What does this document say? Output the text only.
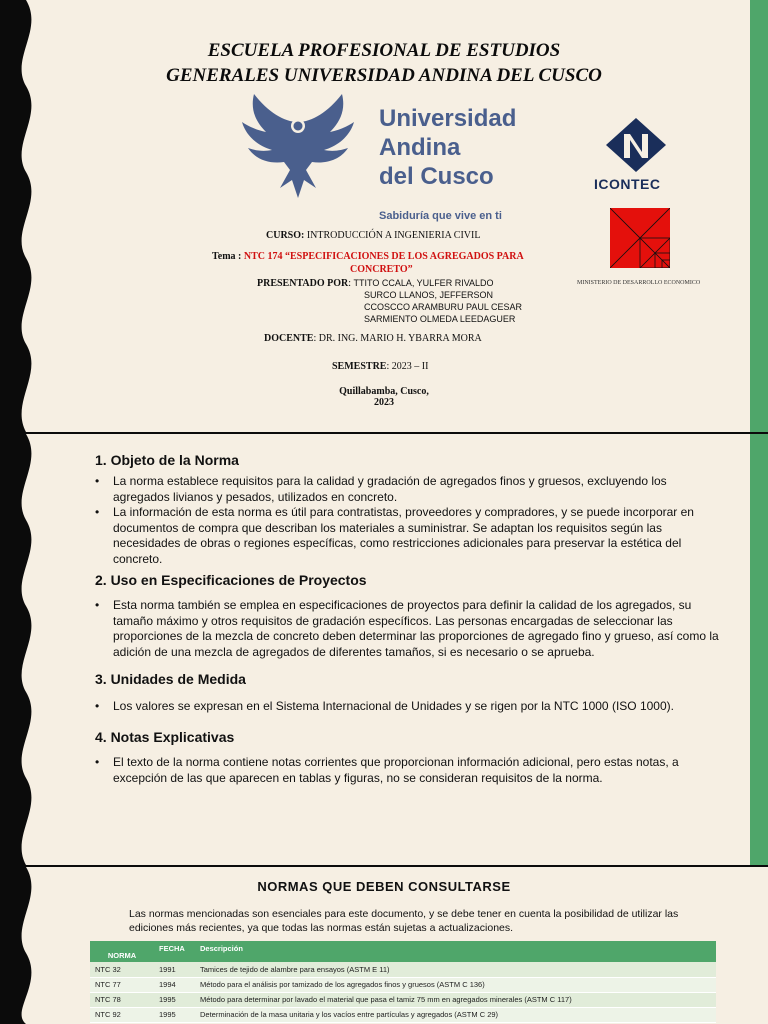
ESCUELA PROFESIONAL DE ESTUDIOS
GENERALES UNIVERSIDAD ANDINA DEL CUSCO
Universidad
Andina
del Cusco
Sabiduría que vive en ti
ICONTEC
MINISTERIO DE DESARROLLO ECONOMICO
CURSO: INTRODUCCIÓN A INGENIERIA CIVIL
Tema : NTC 174 “ESPECIFICACIONES DE LOS AGREGADOS PARA
CONCRETO”
PRESENTADO POR: TTITO CCALA, YULFER RIVALDO
SURCO LLANOS, JEFFERSON
CCOSCCO ARAMBURU PAUL CESAR
SARMIENTO OLMEDA LEEDAGUER
DOCENTE: DR. ING. MARIO H. YBARRA MORA
SEMESTRE: 2023 – II
Quillabamba, Cusco,
2023
1. Objeto de la Norma
• La norma establece requisitos para la calidad y gradación de agregados finos y gruesos, excluyendo los agregados livianos y pesados, utilizados en concreto.
• La información de esta norma es útil para contratistas, proveedores y compradores, y se puede incorporar en documentos de compra que describan los materiales a suministrar. Se adaptan los requisitos según las necesidades de obras o regiones específicas, como restricciones adicionales para preservar la estética del concreto.
2. Uso en Especificaciones de Proyectos
• Esta norma también se emplea en especificaciones de proyectos para definir la calidad de los agregados, su tamaño máximo y otros requisitos de gradación específicos. Las personas encargadas de seleccionar las proporciones de la mezcla de concreto deben determinar las proporciones de agregado fino y grueso, así como la adición de una mezcla de agregados de diferentes tamaños, si es necesario o se aprueba.
3. Unidades de Medida
• Los valores se expresan en el Sistema Internacional de Unidades y se rigen por la NTC 1000 (ISO 1000).
4. Notas Explicativas
• El texto de la norma contiene notas corrientes que proporcionan información adicional, pero estas notas, a excepción de las que aparecen en tablas y figuras, no se consideran requisitos de la norma.
NORMAS QUE DEBEN CONSULTARSE
Las normas mencionadas son esenciales para este documento, y se debe tener en cuenta la posibilidad de utilizar las ediciones más recientes, ya que todas las normas están sujetas a actualizaciones.
NORMA	FECHA	Descripción
NTC 32	1991	Tamices de tejido de alambre para ensayos (ASTM E 11)
NTC 77	1994	Método para el análisis por tamizado de los agregados finos y gruesos (ASTM C 136)
NTC 78	1995	Método para determinar por lavado el material que pasa el tamiz 75 mm en agregados minerales (ASTM C 117)
NTC 92	1995	Determinación de la masa unitaria y los vacíos entre partículas y agregados (ASTM C 29)
